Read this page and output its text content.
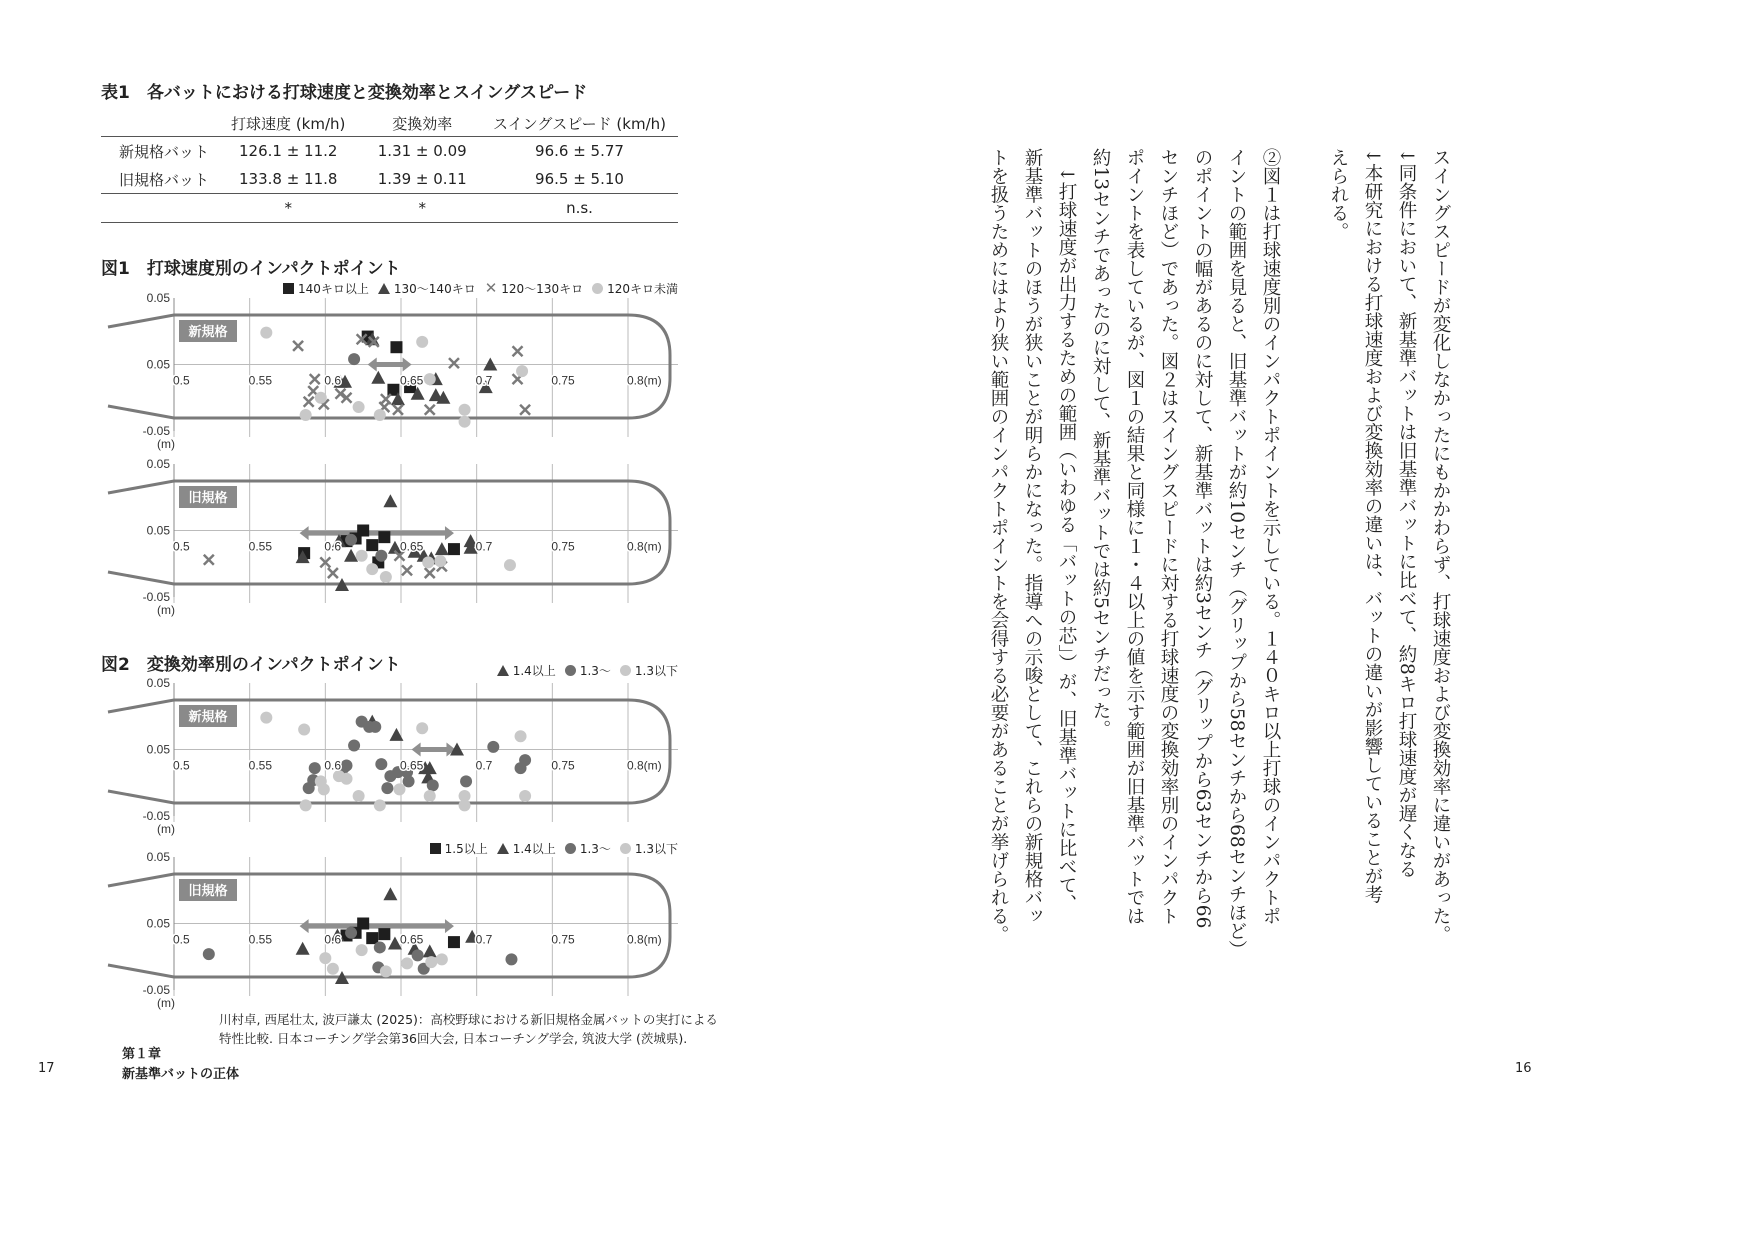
表1　各バットにおける打球速度と変換効率とスイングスピード
	打球速度 (km/h)	変換効率	スイングスピード (km/h)
新規格バット	126.1 ± 11.2	1.31 ± 0.09	96.6 ± 5.77
旧規格バット	133.8 ± 11.8	1.39 ± 0.11	96.5 ± 5.10
	*	*	n.s.
図1　打球速度別のインパクトポイント
140キロ以上 130〜140キロ ✕ 120〜130キロ 120キロ未満
新規格
0.5	0.55	0.6	0.65	0.7	0.75	0.8(m)
0.05
0.05
-0.05
(m)
旧規格
0.5	0.55	0.6	0.65	0.7	0.75	0.8(m)
0.05
0.05
-0.05
(m)
図2　変換効率別のインパクトポイント	1.4以上 1.3〜 1.3以下
新規格
0.5	0.55	0.6	0.65	0.7	0.75	0.8(m)
0.05
0.05
-0.05
(m)
1.5以上 1.4以上 1.3〜 1.3以下
旧規格
0.5	0.55	0.6	0.65	0.7	0.75	0.8(m)
0.05
0.05
-0.05
(m)
川村卓, 西尾壮太, 波戸謙太 (2025)：高校野球における新旧規格金属バットの実打による
特性比較. 日本コーチング学会第36回大会, 日本コーチング学会, 筑波大学 (茨城県).
第１章
新基準バットの正体
17
スイングスピードが変化しなかったにもかかわらず、打球速度および変換効率に違いがあった。
↓同条件において、新基準バットは旧基準バットに比べて、約8キロ打球速度が遅くなる
↓本研究における打球速度および変換効率の違いは、バットの違いが影響していることが考
えられる。
②図１は打球速度別のインパクトポイントを示している。１４０キロ以上打球のインパクトポ
イントの範囲を見ると、旧基準バットが約10センチ（グリップから58センチから68センチほど）
のポイントの幅があるのに対して、新基準バットは約3センチ（グリップから63センチから66
センチほど）であった。図２はスイングスピードに対する打球速度の変換効率別のインパクト
ポイントを表しているが、図１の結果と同様に１・４以上の値を示す範囲が旧基準バットでは
約13センチであったのに対して、新基準バットでは約5センチだった。
　↓打球速度が出力するための範囲（いわゆる「バットの芯」）が、旧基準バットに比べて、
新基準バットのほうが狭いことが明らかになった。指導への示唆として、これらの新規格バッ
トを扱うためにはより狭い範囲のインパクトポイントを会得する必要があることが挙げられる。
16
